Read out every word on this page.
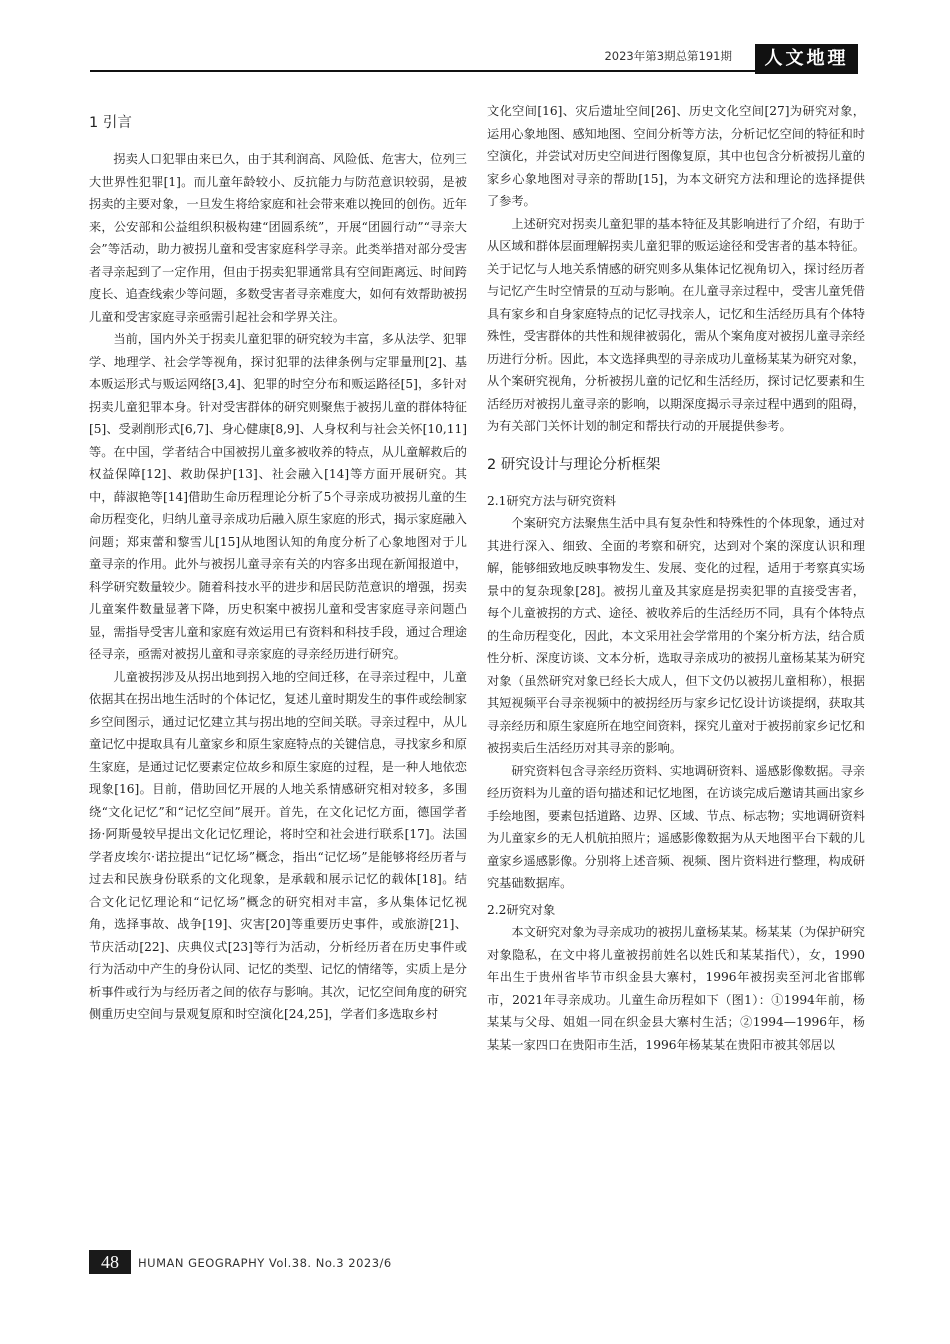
2023年第3期总第191期	人文地理
1 引言

拐卖人口犯罪由来已久，由于其利润高、风险低、危害大，位列三大世界性犯罪[1]。而儿童年龄较小、反抗能力与防范意识较弱，是被拐卖的主要对象，一旦发生将给家庭和社会带来难以挽回的创伤。近年来，公安部和公益组织积极构建“团圆系统”，开展“团圆行动”“寻亲大会”等活动，助力被拐儿童和受害家庭科学寻亲。此类举措对部分受害者寻亲起到了一定作用，但由于拐卖犯罪通常具有空间距离远、时间跨度长、追查线索少等问题，多数受害者寻亲难度大，如何有效帮助被拐儿童和受害家庭寻亲亟需引起社会和学界关注。

当前，国内外关于拐卖儿童犯罪的研究较为丰富，多从法学、犯罪学、地理学、社会学等视角，探讨犯罪的法律条例与定罪量刑[2]、基本贩运形式与贩运网络[3,4]、犯罪的时空分布和贩运路径[5]，多针对拐卖儿童犯罪本身。针对受害群体的研究则聚焦于被拐儿童的群体特征[5]、受剥削形式[6,7]、身心健康[8,9]、人身权利与社会关怀[10,11]等。在中国，学者结合中国被拐儿童多被收养的特点，从儿童解救后的权益保障[12]、救助保护[13]、社会融入[14]等方面开展研究。其中，薛淑艳等[14]借助生命历程理论分析了5个寻亲成功被拐儿童的生命历程变化，归纳儿童寻亲成功后融入原生家庭的形式，揭示家庭融入问题；郑束蕾和黎雪儿[15]从地图认知的角度分析了心象地图对于儿童寻亲的作用。此外与被拐儿童寻亲有关的内容多出现在新闻报道中，科学研究数量较少。随着科技水平的进步和居民防范意识的增强，拐卖儿童案件数量显著下降，历史积案中被拐儿童和受害家庭寻亲问题凸显，需指导受害儿童和家庭有效运用已有资料和科技手段，通过合理途径寻亲，亟需对被拐儿童和寻亲家庭的寻亲经历进行研究。

儿童被拐涉及从拐出地到拐入地的空间迁移，在寻亲过程中，儿童依据其在拐出地生活时的个体记忆，复述儿童时期发生的事件或绘制家乡空间图示，通过记忆建立其与拐出地的空间关联。寻亲过程中，从儿童记忆中提取具有儿童家乡和原生家庭特点的关键信息，寻找家乡和原生家庭，是通过记忆要素定位故乡和原生家庭的过程，是一种人地依恋现象[16]。目前，借助回忆开展的人地关系情感研究相对较多，多围绕“文化记忆”和“记忆空间”展开。首先，在文化记忆方面，德国学者扬·阿斯曼较早提出文化记忆理论，将时空和社会进行联系[17]。法国学者皮埃尔·诺拉提出“记忆场”概念，指出“记忆场”是能够将经历者与过去和民族身份联系的文化现象，是承载和展示记忆的载体[18]。结合文化记忆理论和“记忆场”概念的研究相对丰富，多从集体记忆视角，选择事故、战争[19]、灾害[20]等重要历史事件，或旅游[21]、节庆活动[22]、庆典仪式[23]等行为活动，分析经历者在历史事件或行为活动中产生的身份认同、记忆的类型、记忆的情绪等，实质上是分析事件或行为与经历者之间的依存与影响。其次，记忆空间角度的研究侧重历史空间与景观复原和时空演化[24,25]，学者们多选取乡村

文化空间[16]、灾后遗址空间[26]、历史文化空间[27]为研究对象，运用心象地图、感知地图、空间分析等方法，分析记忆空间的特征和时空演化，并尝试对历史空间进行图像复原，其中也包含分析被拐儿童的家乡心象地图对寻亲的帮助[15]，为本文研究方法和理论的选择提供了参考。

上述研究对拐卖儿童犯罪的基本特征及其影响进行了介绍，有助于从区域和群体层面理解拐卖儿童犯罪的贩运途径和受害者的基本特征。关于记忆与人地关系情感的研究则多从集体记忆视角切入，探讨经历者与记忆产生时空情景的互动与影响。在儿童寻亲过程中，受害儿童凭借具有家乡和自身家庭特点的记忆寻找亲人，记忆和生活经历具有个体特殊性，受害群体的共性和规律被弱化，需从个案角度对被拐儿童寻亲经历进行分析。因此，本文选择典型的寻亲成功儿童杨某某为研究对象，从个案研究视角，分析被拐儿童的记忆和生活经历，探讨记忆要素和生活经历对被拐儿童寻亲的影响，以期深度揭示寻亲过程中遇到的阻碍，为有关部门关怀计划的制定和帮扶行动的开展提供参考。

2 研究设计与理论分析框架
2.1研究方法与研究资料

个案研究方法聚焦生活中具有复杂性和特殊性的个体现象，通过对其进行深入、细致、全面的考察和研究，达到对个案的深度认识和理解，能够细致地反映事物发生、发展、变化的过程，适用于考察真实场景中的复杂现象[28]。被拐儿童及其家庭是拐卖犯罪的直接受害者，每个儿童被拐的方式、途径、被收养后的生活经历不同，具有个体特点的生命历程变化，因此，本文采用社会学常用的个案分析方法，结合质性分析、深度访谈、文本分析，选取寻亲成功的被拐儿童杨某某为研究对象（虽然研究对象已经长大成人，但下文仍以被拐儿童相称），根据其短视频平台寻亲视频中的被拐经历与家乡记忆设计访谈提纲，获取其寻亲经历和原生家庭所在地空间资料，探究儿童对于被拐前家乡记忆和被拐卖后生活经历对其寻亲的影响。

研究资料包含寻亲经历资料、实地调研资料、遥感影像数据。寻亲经历资料为儿童的语句描述和记忆地图，在访谈完成后邀请其画出家乡手绘地图，要素包括道路、边界、区域、节点、标志物；实地调研资料为儿童家乡的无人机航拍照片；遥感影像数据为从天地图平台下载的儿童家乡遥感影像。分别将上述音频、视频、图片资料进行整理，构成研究基础数据库。

2.2研究对象

本文研究对象为寻亲成功的被拐儿童杨某某。杨某某（为保护研究对象隐私，在文中将儿童被拐前姓名以姓氏和某某指代），女，1990年出生于贵州省毕节市织金县大寨村，1996年被拐卖至河北省邯郸市，2021年寻亲成功。儿童生命历程如下（图1）：①1994年前，杨某某与父母、姐姐一同在织金县大寨村生活；②1994—1996年，杨某某一家四口在贵阳市生活，1996年杨某某在贵阳市被其邻居以

48	HUMAN GEOGRAPHY Vol.38. No.3 2023/6
